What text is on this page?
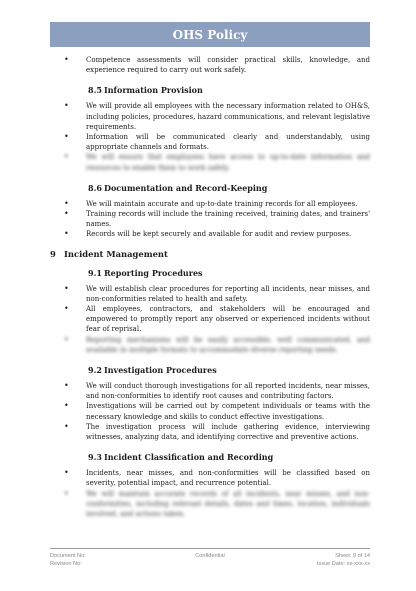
OHS Policy
• Competence assessments will consider practical skills, knowledge, and experience required to carry out work safely.
8.5 Information Provision
• We will provide all employees with the necessary information related to OH&S, including policies, procedures, hazard communications, and relevant legislative requirements.
• Information will be communicated clearly and understandably, using appropriate channels and formats.
• We will ensure that employees have access to up-to-date information and resources to enable them to work safely.
8.6 Documentation and Record-Keeping
• We will maintain accurate and up-to-date training records for all employees.
• Training records will include the training received, training dates, and trainers' names.
• Records will be kept securely and available for audit and review purposes.
9 Incident Management
9.1 Reporting Procedures
• We will establish clear procedures for reporting all incidents, near misses, and non-conformities related to health and safety.
• All employees, contractors, and stakeholders will be encouraged and empowered to promptly report any observed or experienced incidents without fear of reprisal.
• Reporting mechanisms will be easily accessible, well communicated, and available in multiple formats to accommodate diverse reporting needs.
9.2 Investigation Procedures
• We will conduct thorough investigations for all reported incidents, near misses, and non-conformities to identify root causes and contributing factors.
• Investigations will be carried out by competent individuals or teams with the necessary knowledge and skills to conduct effective investigations.
• The investigation process will include gathering evidence, interviewing witnesses, analyzing data, and identifying corrective and preventive actions.
9.3 Incident Classification and Recording
• Incidents, near misses, and non-conformities will be classified based on severity, potential impact, and recurrence potential.
• We will maintain accurate records of all incidents, near misses, and non-conformities, including relevant details, dates and times, location, individuals involved, and actions taken.
Document No:	Confidential	Sheet: 9 of 14
Revision No:	Issue Date: xx-xxx-xx
